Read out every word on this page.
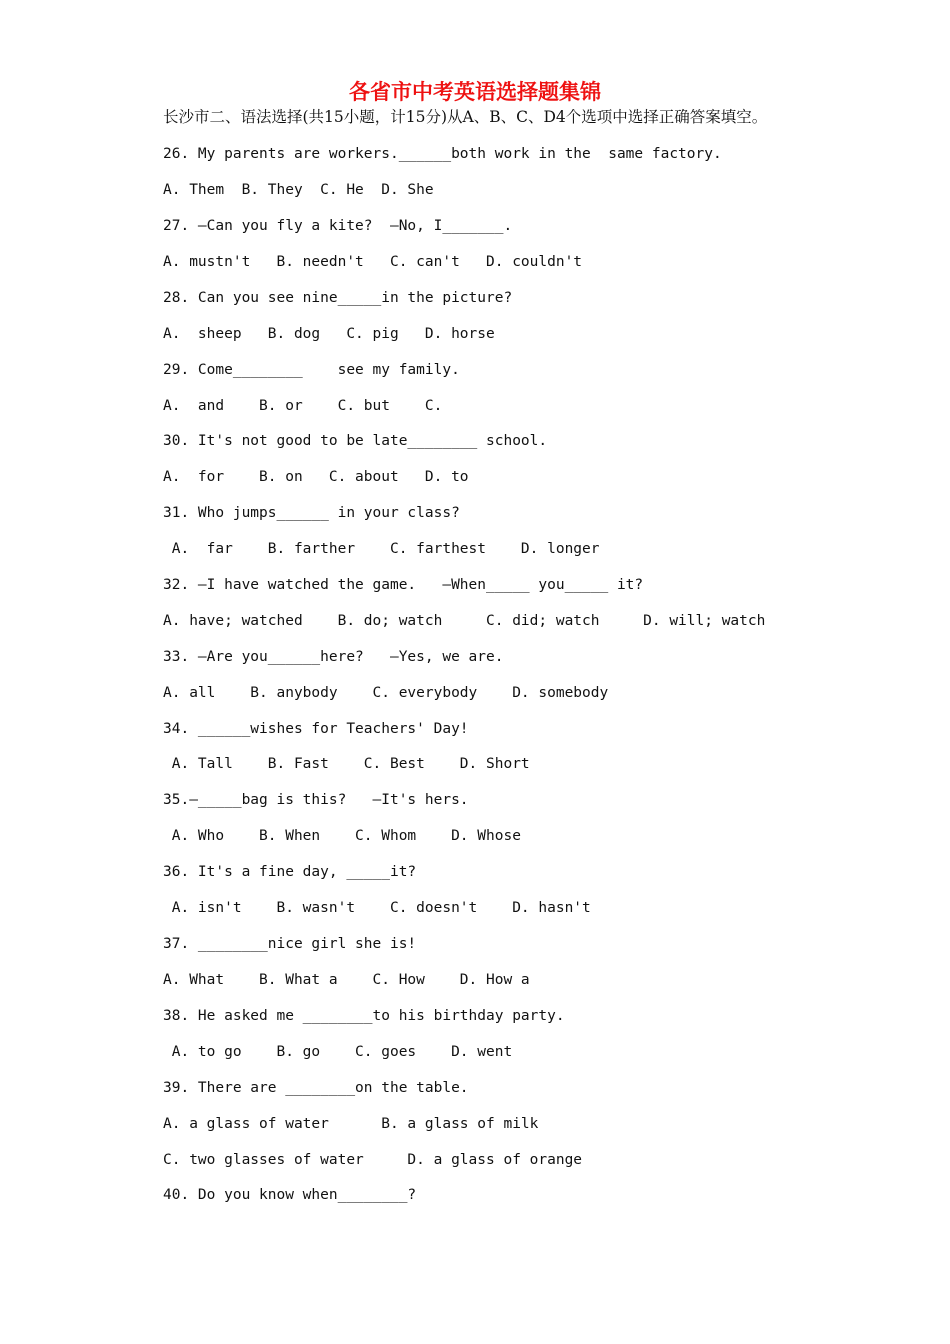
各省市中考英语选择题集锦
长沙市二、语法选择(共15小题，计15分)从A、B、C、D4个选项中选择正确答案填空。
26. My parents are workers.______both work in the  same factory.
A. Them  B. They  C. He  D. She
27. —Can you fly a kite?  —No, I_______.
A. mustn't   B. needn't   C. can't   D. couldn't
28. Can you see nine_____in the picture?
A.  sheep   B. dog   C. pig   D. horse
29. Come________    see my family.
A.  and    B. or    C. but    C.
30. It's not good to be late________ school.
A.  for    B. on   C. about   D. to
31. Who jumps______ in your class?
A.  far    B. farther    C. farthest    D. longer
32. —I have watched the game.   —When_____ you_____ it?
A. have; watched    B. do; watch     C. did; watch     D. will; watch
33. —Are you______here?   —Yes, we are.
A. all    B. anybody    C. everybody    D. somebody
34. ______wishes for Teachers' Day!
A. Tall    B. Fast    C. Best    D. Short
35.—_____bag is this?   —It's hers.
A. Who    B. When    C. Whom    D. Whose
36. It's a fine day, _____it?
A. isn't    B. wasn't    C. doesn't    D. hasn't
37. ________nice girl she is!
A. What    B. What a    C. How    D. How a
38. He asked me ________to his birthday party.
A. to go    B. go    C. goes    D. went
39. There are ________on the table.
A. a glass of water      B. a glass of milk
C. two glasses of water     D. a glass of orange
40. Do you know when________?
